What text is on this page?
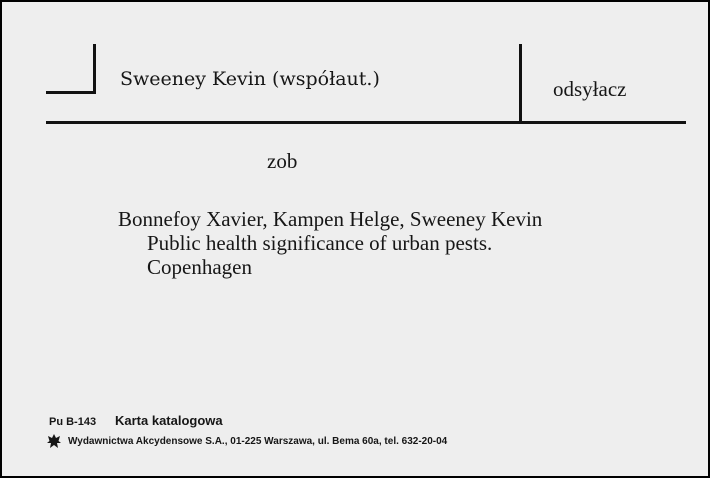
Sweeney Kevin (współaut.)	odsyłacz
zob
Bonnefoy Xavier, Kampen Helge, Sweeney Kevin
Public health significance of urban pests.
Copenhagen
Pu B-143 Karta katalogowa
Wydawnictwa Akcydensowe S.A., 01-225 Warszawa, ul. Bema 60a, tel. 632-20-04
